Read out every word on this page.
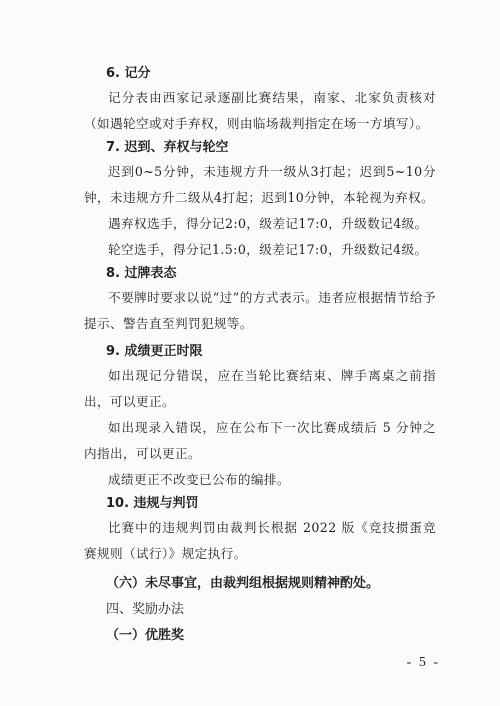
6. 记分

记分表由西家记录逐副比赛结果，南家、北家负责核对（如遇轮空或对手弃权，则由临场裁判指定在场一方填写）。

7. 迟到、弃权与轮空

迟到0~5分钟，未违规方升一级从3打起；迟到5~10分钟，未违规方升二级从4打起；迟到10分钟，本轮视为弃权。

遇弃权选手，得分记2:0，级差记17:0，升级数记4级。

轮空选手，得分记1.5:0，级差记17:0，升级数记4级。

8. 过牌表态

不要牌时要求以说“过”的方式表示。违者应根据情节给予提示、警告直至判罚犯规等。

9. 成绩更正时限

如出现记分错误，应在当轮比赛结束、牌手离桌之前指出，可以更正。

如出现录入错误，应在公布下一次比赛成绩后 5 分钟之内指出，可以更正。

成绩更正不改变已公布的编排。

10. 违规与判罚

比赛中的违规判罚由裁判长根据 2022 版《竞技掼蛋竞赛规则（试行）》规定执行。

（六）未尽事宜，由裁判组根据规则精神酌处。

四、奖励办法

（一）优胜奖

- 5 -
